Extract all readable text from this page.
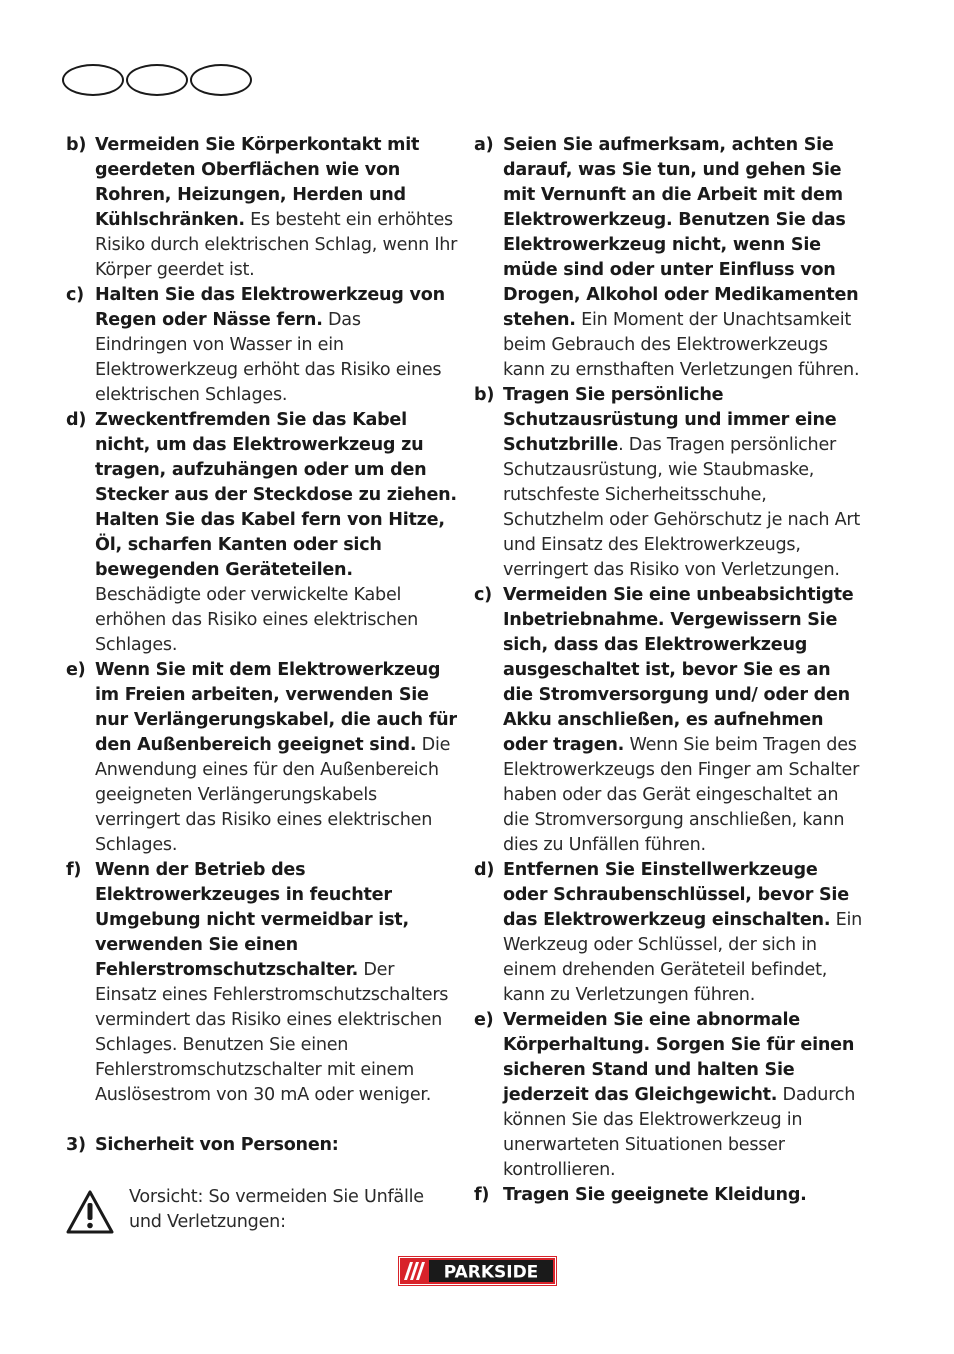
b) Vermeiden Sie Körperkontakt mit geerdeten Oberflächen wie von Rohren, Heizungen, Herden und Kühlschränken. Es besteht ein erhöhtes Risiko durch elektrischen Schlag, wenn Ihr Körper geerdet ist.
c) Halten Sie das Elektrowerkzeug von Regen oder Nässe fern. Das Eindringen von Wasser in ein Elektrowerkzeug erhöht das Risiko eines elektrischen Schlages.
d) Zweckentfremden Sie das Kabel nicht, um das Elektrowerkzeug zu tragen, aufzuhängen oder um den Stecker aus der Steckdose zu ziehen. Halten Sie das Kabel fern von Hitze, Öl, scharfen Kanten oder sich bewegenden Geräteteilen. Beschädigte oder verwickelte Kabel erhöhen das Risiko eines elektrischen Schlages.
e) Wenn Sie mit dem Elektrowerkzeug im Freien arbeiten, verwenden Sie nur Verlängerungskabel, die auch für den Außenbereich geeignet sind. Die Anwendung eines für den Außenbereich geeigneten Verlängerungskabels verringert das Risiko eines elektrischen Schlages.
f) Wenn der Betrieb des Elektrowerkzeuges in feuchter Umgebung nicht vermeidbar ist, verwenden Sie einen Fehlerstromschutzschalter. Der Einsatz eines Fehlerstromschutzschalters vermindert das Risiko eines elektrischen Schlages. Benutzen Sie einen Fehlerstromschutzschalter mit einem Auslösestrom von 30 mA oder weniger.
3) Sicherheit von Personen:
Vorsicht: So vermeiden Sie Unfälle und Verletzungen:
a) Seien Sie aufmerksam, achten Sie darauf, was Sie tun, und gehen Sie mit Vernunft an die Arbeit mit dem Elektrowerkzeug. Benutzen Sie das Elektrowerkzeug nicht, wenn Sie müde sind oder unter Einfluss von Drogen, Alkohol oder Medikamenten stehen. Ein Moment der Unachtsamkeit beim Gebrauch des Elektrowerkzeugs kann zu ernsthaften Verletzungen führen.
b) Tragen Sie persönliche Schutzausrüstung und immer eine Schutzbrille. Das Tragen persönlicher Schutzausrüstung, wie Staubmaske, rutschfeste Sicherheitsschuhe, Schutzhelm oder Gehörschutz je nach Art und Einsatz des Elektrowerkzeugs, verringert das Risiko von Verletzungen.
c) Vermeiden Sie eine unbeabsichtigte Inbetriebnahme. Vergewissern Sie sich, dass das Elektrowerkzeug ausgeschaltet ist, bevor Sie es an die Stromversorgung und/ oder den Akku anschließen, es aufnehmen oder tragen. Wenn Sie beim Tragen des Elektrowerkzeugs den Finger am Schalter haben oder das Gerät eingeschaltet an die Stromversorgung anschließen, kann dies zu Unfällen führen.
d) Entfernen Sie Einstellwerkzeuge oder Schraubenschlüssel, bevor Sie das Elektrowerkzeug einschalten. Ein Werkzeug oder Schlüssel, der sich in einem drehenden Geräteteil befindet, kann zu Verletzungen führen.
e) Vermeiden Sie eine abnormale Körperhaltung. Sorgen Sie für einen sicheren Stand und halten Sie jederzeit das Gleichgewicht. Dadurch können Sie das Elektrowerkzeug in unerwarteten Situationen besser kontrollieren.
f) Tragen Sie geeignete Kleidung.
PARKSIDE
